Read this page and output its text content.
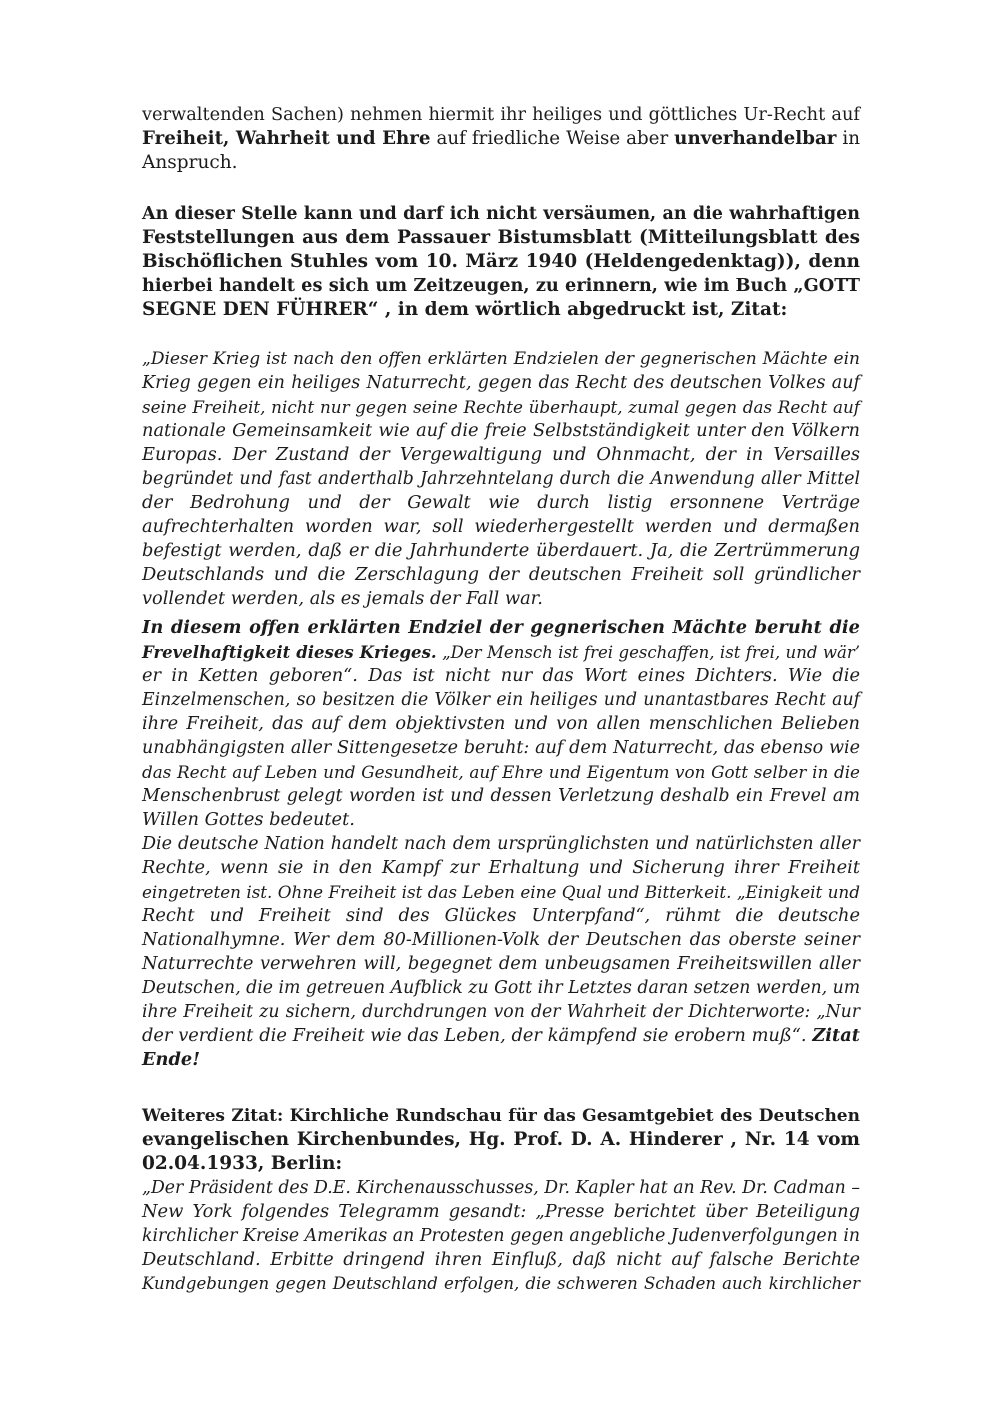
verwaltenden Sachen) nehmen hiermit ihr heiliges und göttliches Ur-Recht auf
Freiheit, Wahrheit und Ehre auf friedliche Weise aber unverhandelbar in
Anspruch.
An dieser Stelle kann und darf ich nicht versäumen, an die wahrhaftigen
Feststellungen aus dem Passauer Bistumsblatt (Mitteilungsblatt des
Bischöflichen Stuhles vom 10. März 1940 (Heldengedenktag)), denn
hierbei handelt es sich um Zeitzeugen, zu erinnern, wie im Buch „GOTT
SEGNE DEN FÜHRER“ , in dem wörtlich abgedruckt ist, Zitat:
„Dieser Krieg ist nach den offen erklärten Endzielen der gegnerischen Mächte ein
Krieg gegen ein heiliges Naturrecht, gegen das Recht des deutschen Volkes auf
seine Freiheit, nicht nur gegen seine Rechte überhaupt, zumal gegen das Recht auf
nationale Gemeinsamkeit wie auf die freie Selbstständigkeit unter den Völkern
Europas. Der Zustand der Vergewaltigung und Ohnmacht, der in Versailles
begründet und fast anderthalb Jahrzehntelang durch die Anwendung aller Mittel
der Bedrohung und der Gewalt wie durch listig ersonnene Verträge
aufrechterhalten worden war, soll wiederhergestellt werden und dermaßen
befestigt werden, daß er die Jahrhunderte überdauert. Ja, die Zertrümmerung
Deutschlands und die Zerschlagung der deutschen Freiheit soll gründlicher
vollendet werden, als es jemals der Fall war.
In diesem offen erklärten Endziel der gegnerischen Mächte beruht die
Frevelhaftigkeit dieses Krieges. „Der Mensch ist frei geschaffen, ist frei, und wär’
er in Ketten geboren“. Das ist nicht nur das Wort eines Dichters. Wie die
Einzelmenschen, so besitzen die Völker ein heiliges und unantastbares Recht auf
ihre Freiheit, das auf dem objektivsten und von allen menschlichen Belieben
unabhängigsten aller Sittengesetze beruht: auf dem Naturrecht, das ebenso wie
das Recht auf Leben und Gesundheit, auf Ehre und Eigentum von Gott selber in die
Menschenbrust gelegt worden ist und dessen Verletzung deshalb ein Frevel am
Willen Gottes bedeutet.
Die deutsche Nation handelt nach dem ursprünglichsten und natürlichsten aller
Rechte, wenn sie in den Kampf zur Erhaltung und Sicherung ihrer Freiheit
eingetreten ist. Ohne Freiheit ist das Leben eine Qual und Bitterkeit. „Einigkeit und
Recht und Freiheit sind des Glückes Unterpfand“, rühmt die deutsche
Nationalhymne. Wer dem 80-Millionen-Volk der Deutschen das oberste seiner
Naturrechte verwehren will, begegnet dem unbeugsamen Freiheitswillen aller
Deutschen, die im getreuen Aufblick zu Gott ihr Letztes daran setzen werden, um
ihre Freiheit zu sichern, durchdrungen von der Wahrheit der Dichterworte: „Nur
der verdient die Freiheit wie das Leben, der kämpfend sie erobern muß“. Zitat
Ende!
Weiteres Zitat: Kirchliche Rundschau für das Gesamtgebiet des Deutschen
evangelischen Kirchenbundes, Hg. Prof. D. A. Hinderer , Nr. 14 vom
02.04.1933, Berlin:
„Der Präsident des D.E. Kirchenausschusses, Dr. Kapler hat an Rev. Dr. Cadman –
New York folgendes Telegramm gesandt: „Presse berichtet über Beteiligung
kirchlicher Kreise Amerikas an Protesten gegen angebliche Judenverfolgungen in
Deutschland. Erbitte dringend ihren Einfluß, daß nicht auf falsche Berichte
Kundgebungen gegen Deutschland erfolgen, die schweren Schaden auch kirchlicher
